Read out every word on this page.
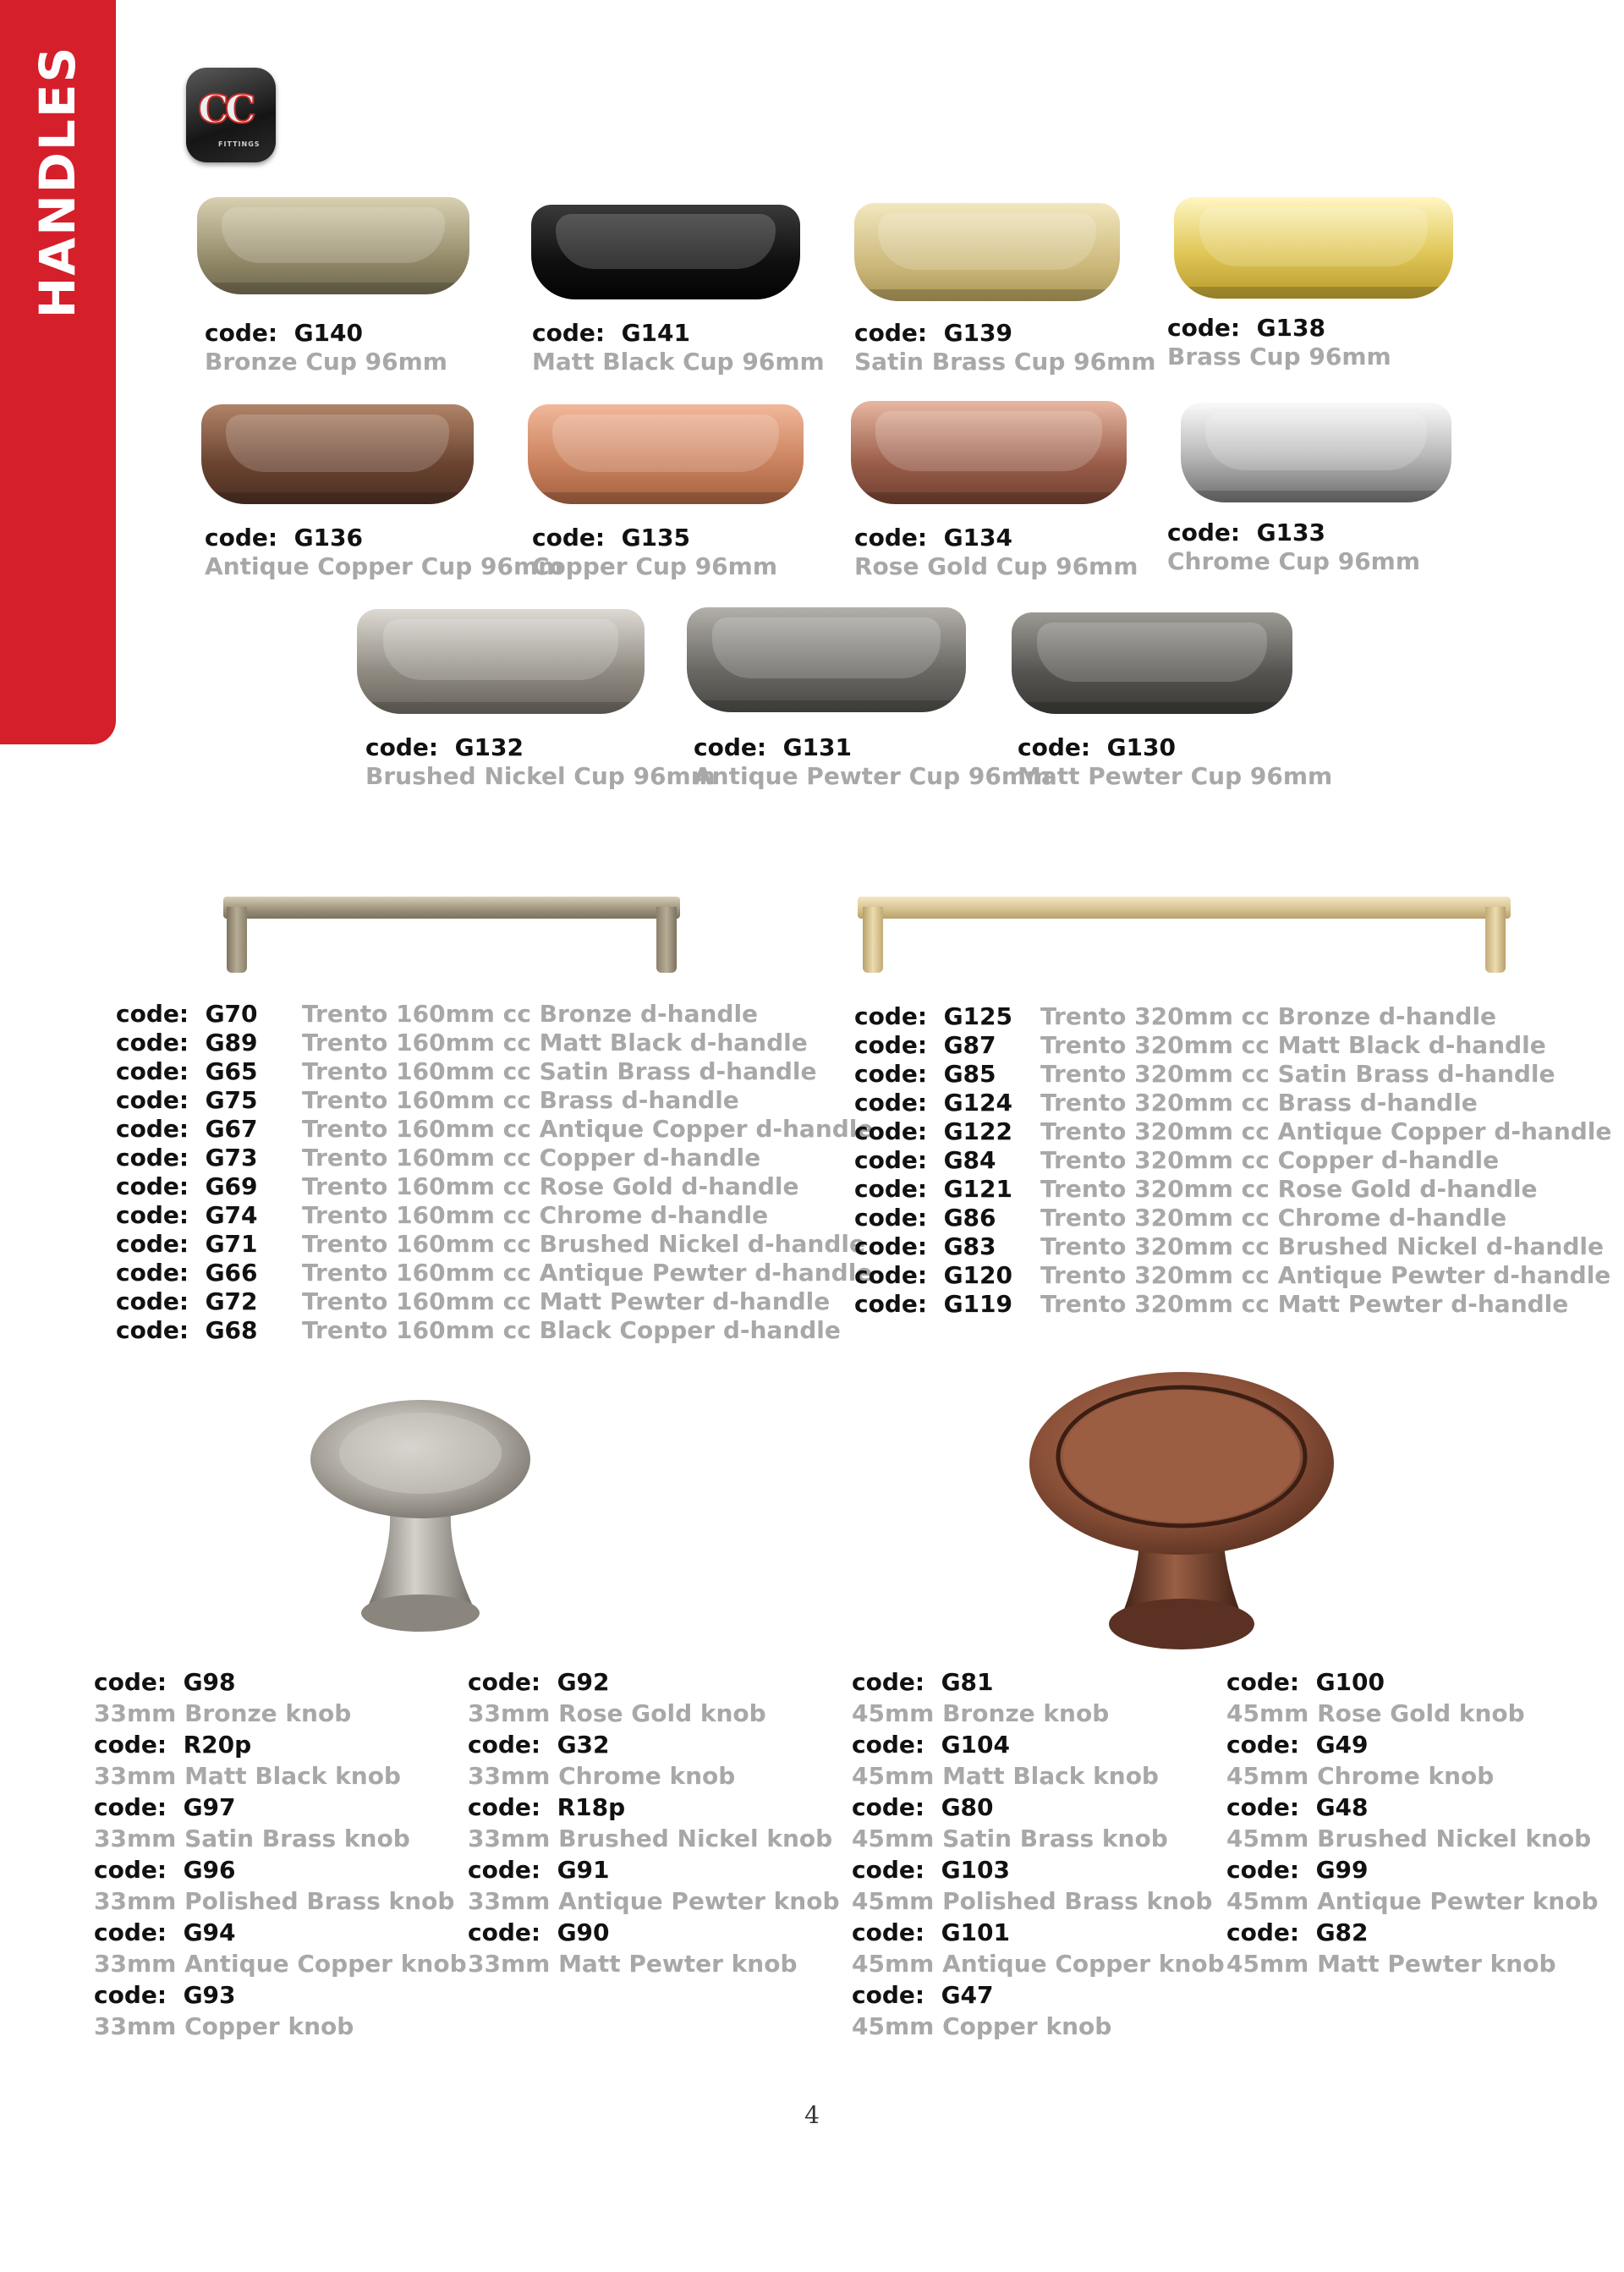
HANDLES	C
C
FITTINGS
code:  G140
Bronze Cup 96mm
code:  G141
Matt Black Cup 96mm
code:  G139
Satin Brass Cup 96mm
code:  G138
Brass Cup 96mm
code:  G136
Antique Copper Cup 96mm
code:  G135
Copper Cup 96mm
code:  G134
Rose Gold Cup 96mm
code:  G133
Chrome Cup 96mm
code:  G132
Brushed Nickel Cup 96mm
code:  G131
Antique Pewter Cup 96mm
code:  G130
Matt Pewter Cup 96mm
code:  G70 Trento 160mm cc Bronze d-handle
code:  G89 Trento 160mm cc Matt Black d-handle
code:  G65 Trento 160mm cc Satin Brass d-handle
code:  G75 Trento 160mm cc Brass d-handle
code:  G67 Trento 160mm cc Antique Copper d-handle
code:  G73 Trento 160mm cc Copper d-handle
code:  G69 Trento 160mm cc Rose Gold d-handle
code:  G74 Trento 160mm cc Chrome d-handle
code:  G71 Trento 160mm cc Brushed Nickel d-handle
code:  G66 Trento 160mm cc Antique Pewter d-handle
code:  G72 Trento 160mm cc Matt Pewter d-handle
code:  G68 Trento 160mm cc Black Copper d-handle
code:  G125 Trento 320mm cc Bronze d-handle
code:  G87 Trento 320mm cc Matt Black d-handle
code:  G85 Trento 320mm cc Satin Brass d-handle
code:  G124 Trento 320mm cc Brass d-handle
code:  G122 Trento 320mm cc Antique Copper d-handle
code:  G84 Trento 320mm cc Copper d-handle
code:  G121 Trento 320mm cc Rose Gold d-handle
code:  G86 Trento 320mm cc Chrome d-handle
code:  G83 Trento 320mm cc Brushed Nickel d-handle
code:  G120 Trento 320mm cc Antique Pewter d-handle
code:  G119 Trento 320mm cc Matt Pewter d-handle
code:  G98
33mm Bronze knob
code:  R20p
33mm Matt Black knob
code:  G97
33mm Satin Brass knob
code:  G96
33mm Polished Brass knob
code:  G94
33mm Antique Copper knob
code:  G93
33mm Copper knob
code:  G92
33mm Rose Gold knob
code:  G32
33mm Chrome knob
code:  R18p
33mm Brushed Nickel knob
code:  G91
33mm Antique Pewter knob
code:  G90
33mm Matt Pewter knob
code:  G81
45mm Bronze knob
code:  G104
45mm Matt Black knob
code:  G80
45mm Satin Brass knob
code:  G103
45mm Polished Brass knob
code:  G101
45mm Antique Copper knob
code:  G47
45mm Copper knob
code:  G100
45mm Rose Gold knob
code:  G49
45mm Chrome knob
code:  G48
45mm Brushed Nickel knob
code:  G99
45mm Antique Pewter knob
code:  G82
45mm Matt Pewter knob
4
